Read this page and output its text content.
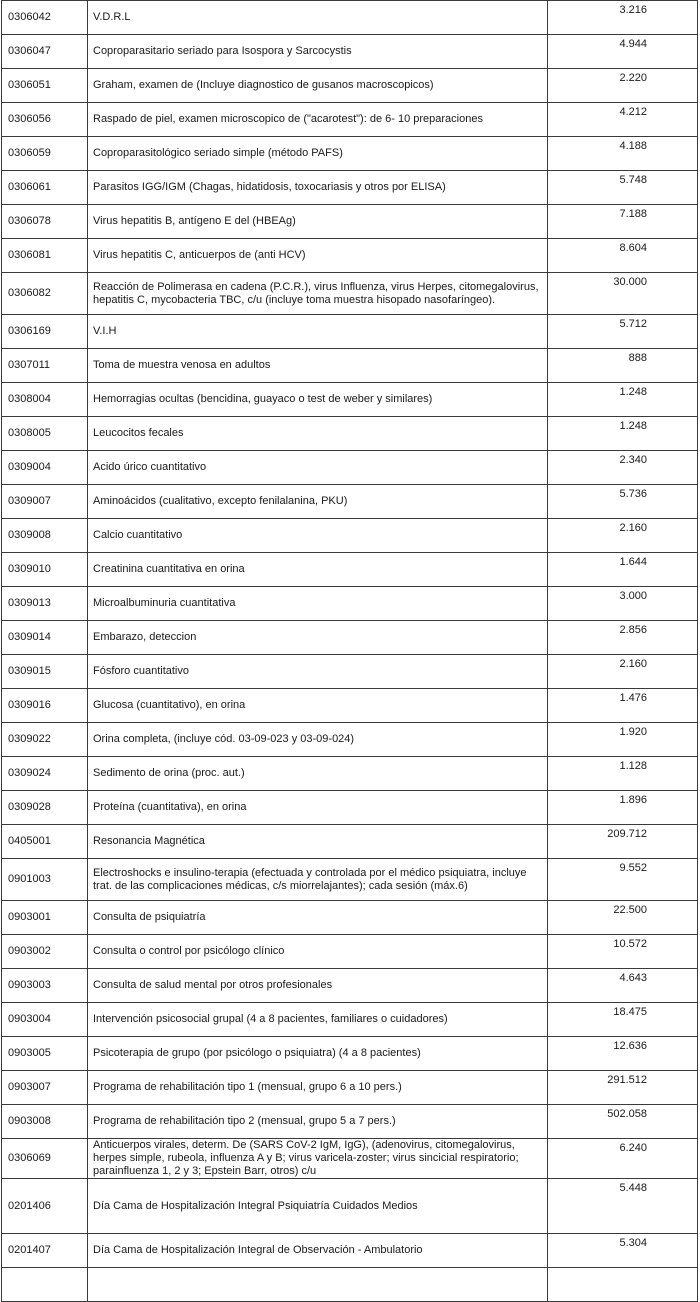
0306042	V.D.R.L	3.216
0306047	Coproparasitario seriado para Isospora y Sarcocystis	4.944
0306051	Graham, examen de (Incluye diagnostico de gusanos macroscopicos)	2.220
0306056	Raspado de piel, examen microscopico de ("acarotest"): de 6- 10 preparaciones	4.212
0306059	Coproparasitológico seriado simple (método PAFS)	4.188
0306061	Parasitos IGG/IGM (Chagas, hidatidosis, toxocariasis y otros por ELISA)	5.748
0306078	Virus hepatitis B, antígeno E del (HBEAg)	7.188
0306081	Virus hepatitis C, anticuerpos de (anti HCV)	8.604
0306082	Reacción de Polimerasa en cadena (P.C.R.), virus Influenza, virus Herpes, citomegalovirus, hepatitis C, mycobacteria TBC, c/u (incluye toma muestra hisopado nasofaríngeo).	30.000
0306169	V.I.H	5.712
0307011	Toma de muestra venosa en adultos	888
0308004	Hemorragias ocultas (bencidina, guayaco o test de weber y similares)	1.248
0308005	Leucocitos fecales	1.248
0309004	Acido úrico cuantitativo	2.340
0309007	Aminoácidos (cualitativo, excepto fenilalanina, PKU)	5.736
0309008	Calcio cuantitativo	2.160
0309010	Creatinina cuantitativa en orina	1.644
0309013	Microalbuminuria cuantitativa	3.000
0309014	Embarazo, deteccion	2.856
0309015	Fósforo cuantitativo	2.160
0309016	Glucosa (cuantitativo), en orina	1.476
0309022	Orina completa, (incluye cód. 03-09-023 y 03-09-024)	1.920
0309024	Sedimento de orina (proc. aut.)	1.128
0309028	Proteína (cuantitativa), en orina	1.896
0405001	Resonancia Magnética	209.712
0901003	Electroshocks e insulino-terapia (efectuada y controlada por el médico psiquiatra, incluye trat. de las complicaciones médicas, c/s miorrelajantes); cada sesión (máx.6)	9.552
0903001	Consulta de psiquiatría	22.500
0903002	Consulta o control por psicólogo clínico	10.572
0903003	Consulta de salud mental por otros profesionales	4.643
0903004	Intervención psicosocial grupal (4 a 8 pacientes, familiares o cuidadores)	18.475
0903005	Psicoterapia de grupo (por psicólogo o psiquiatra) (4 a 8 pacientes)	12.636
0903007	Programa de rehabilitación tipo 1 (mensual, grupo 6 a 10 pers.)	291.512
0903008	Programa de rehabilitación tipo 2 (mensual, grupo 5 a 7 pers.)	502.058
0306069	Anticuerpos virales, determ. De (SARS CoV-2 IgM, IgG), (adenovirus, citomegalovirus, herpes simple, rubeola, influenza A y B; virus varicela-zoster; virus sincicial respiratorio; parainfluenza 1, 2 y 3; Epstein Barr, otros) c/u	6.240
0201406	Día Cama de Hospitalización Integral Psiquiatría Cuidados Medios	5.448
0201407	Día Cama de Hospitalización Integral de Observación - Ambulatorio	5.304
